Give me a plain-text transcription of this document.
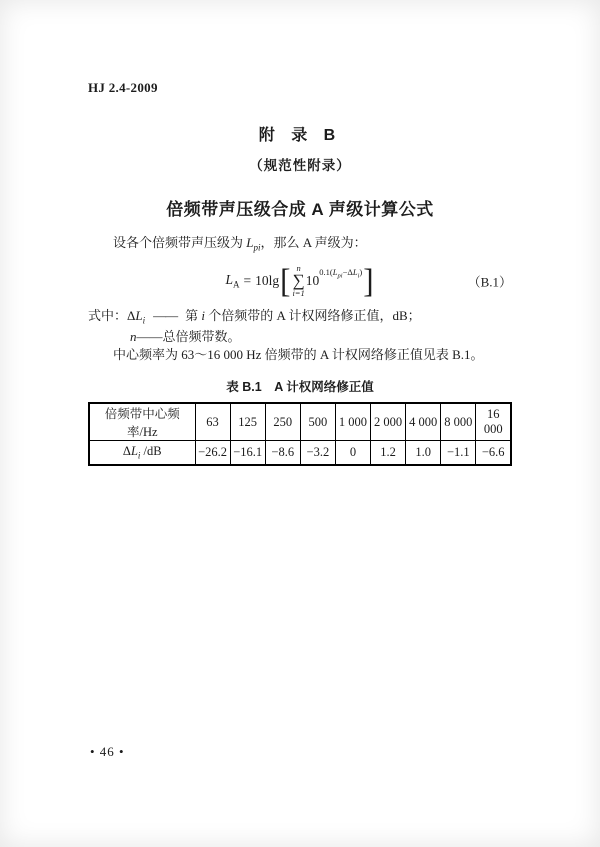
HJ 2.4-2009
附 录 B
（规范性附录）
倍频带声压级合成 A 声级计算公式

设各个倍频带声压级为 $L_{pi}$，那么 A 声级为：

$L_A = 10\lg$ [ n
∑
i=1
10
$0.1(L_{pi}-\Delta L_i)$ ]	（B.1）

式中：$\Delta L_i$ —— 第 i 个倍频带的 A 计权网络修正值，dB；

n——总倍频带数。

中心频率为 63～16 000 Hz 倍频带的 A 计权网络修正值见表 B.1。

表 B.1　A 计权网络修正值
倍频带中心频率/Hz	63	125	250	500	1 000	2 000	4 000	8 000	16 000
$\Delta L_i$ /dB	−26.2	−16.1	−8.6	−3.2	0	1.2	1.0	−1.1	−6.6
• 46 •
